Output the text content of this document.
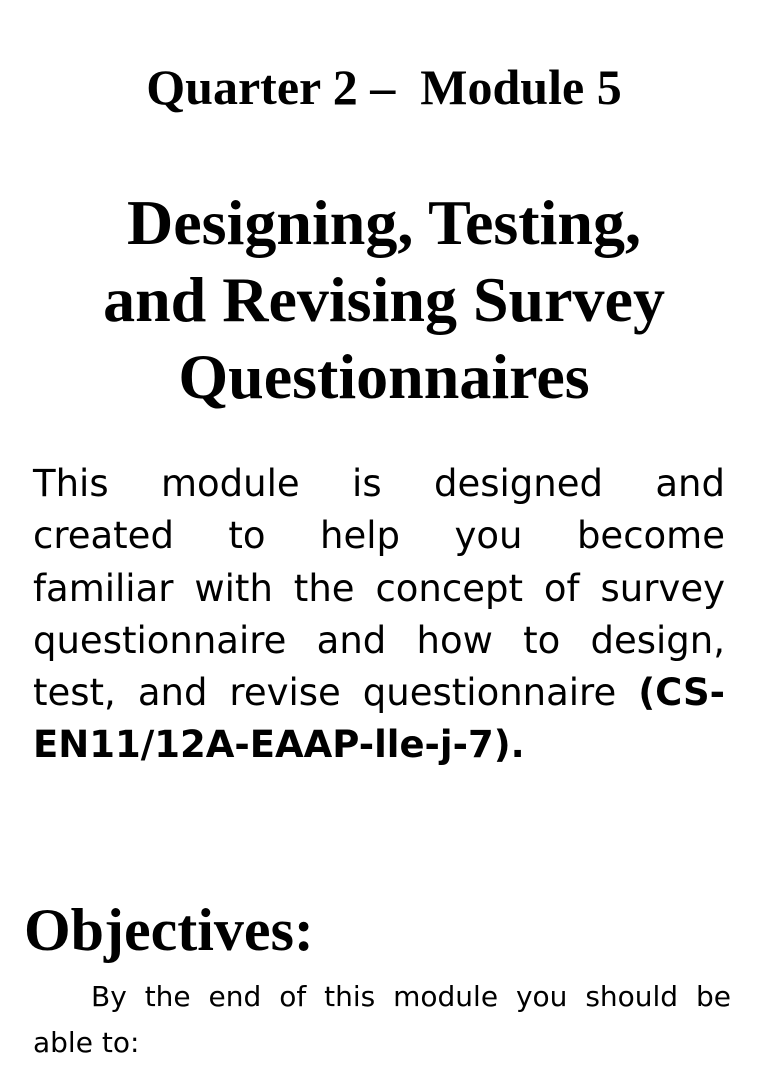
Quarter 2 –  Module 5
Designing, Testing,
and Revising Survey
Questionnaires
This module is designed and
created to help you become
familiar with the concept of survey
questionnaire and how to design,
test, and revise questionnaire (CS-
EN11/12A-EAAP-lle-j-7).
Objectives:
By the end of this module you should be
able to:
